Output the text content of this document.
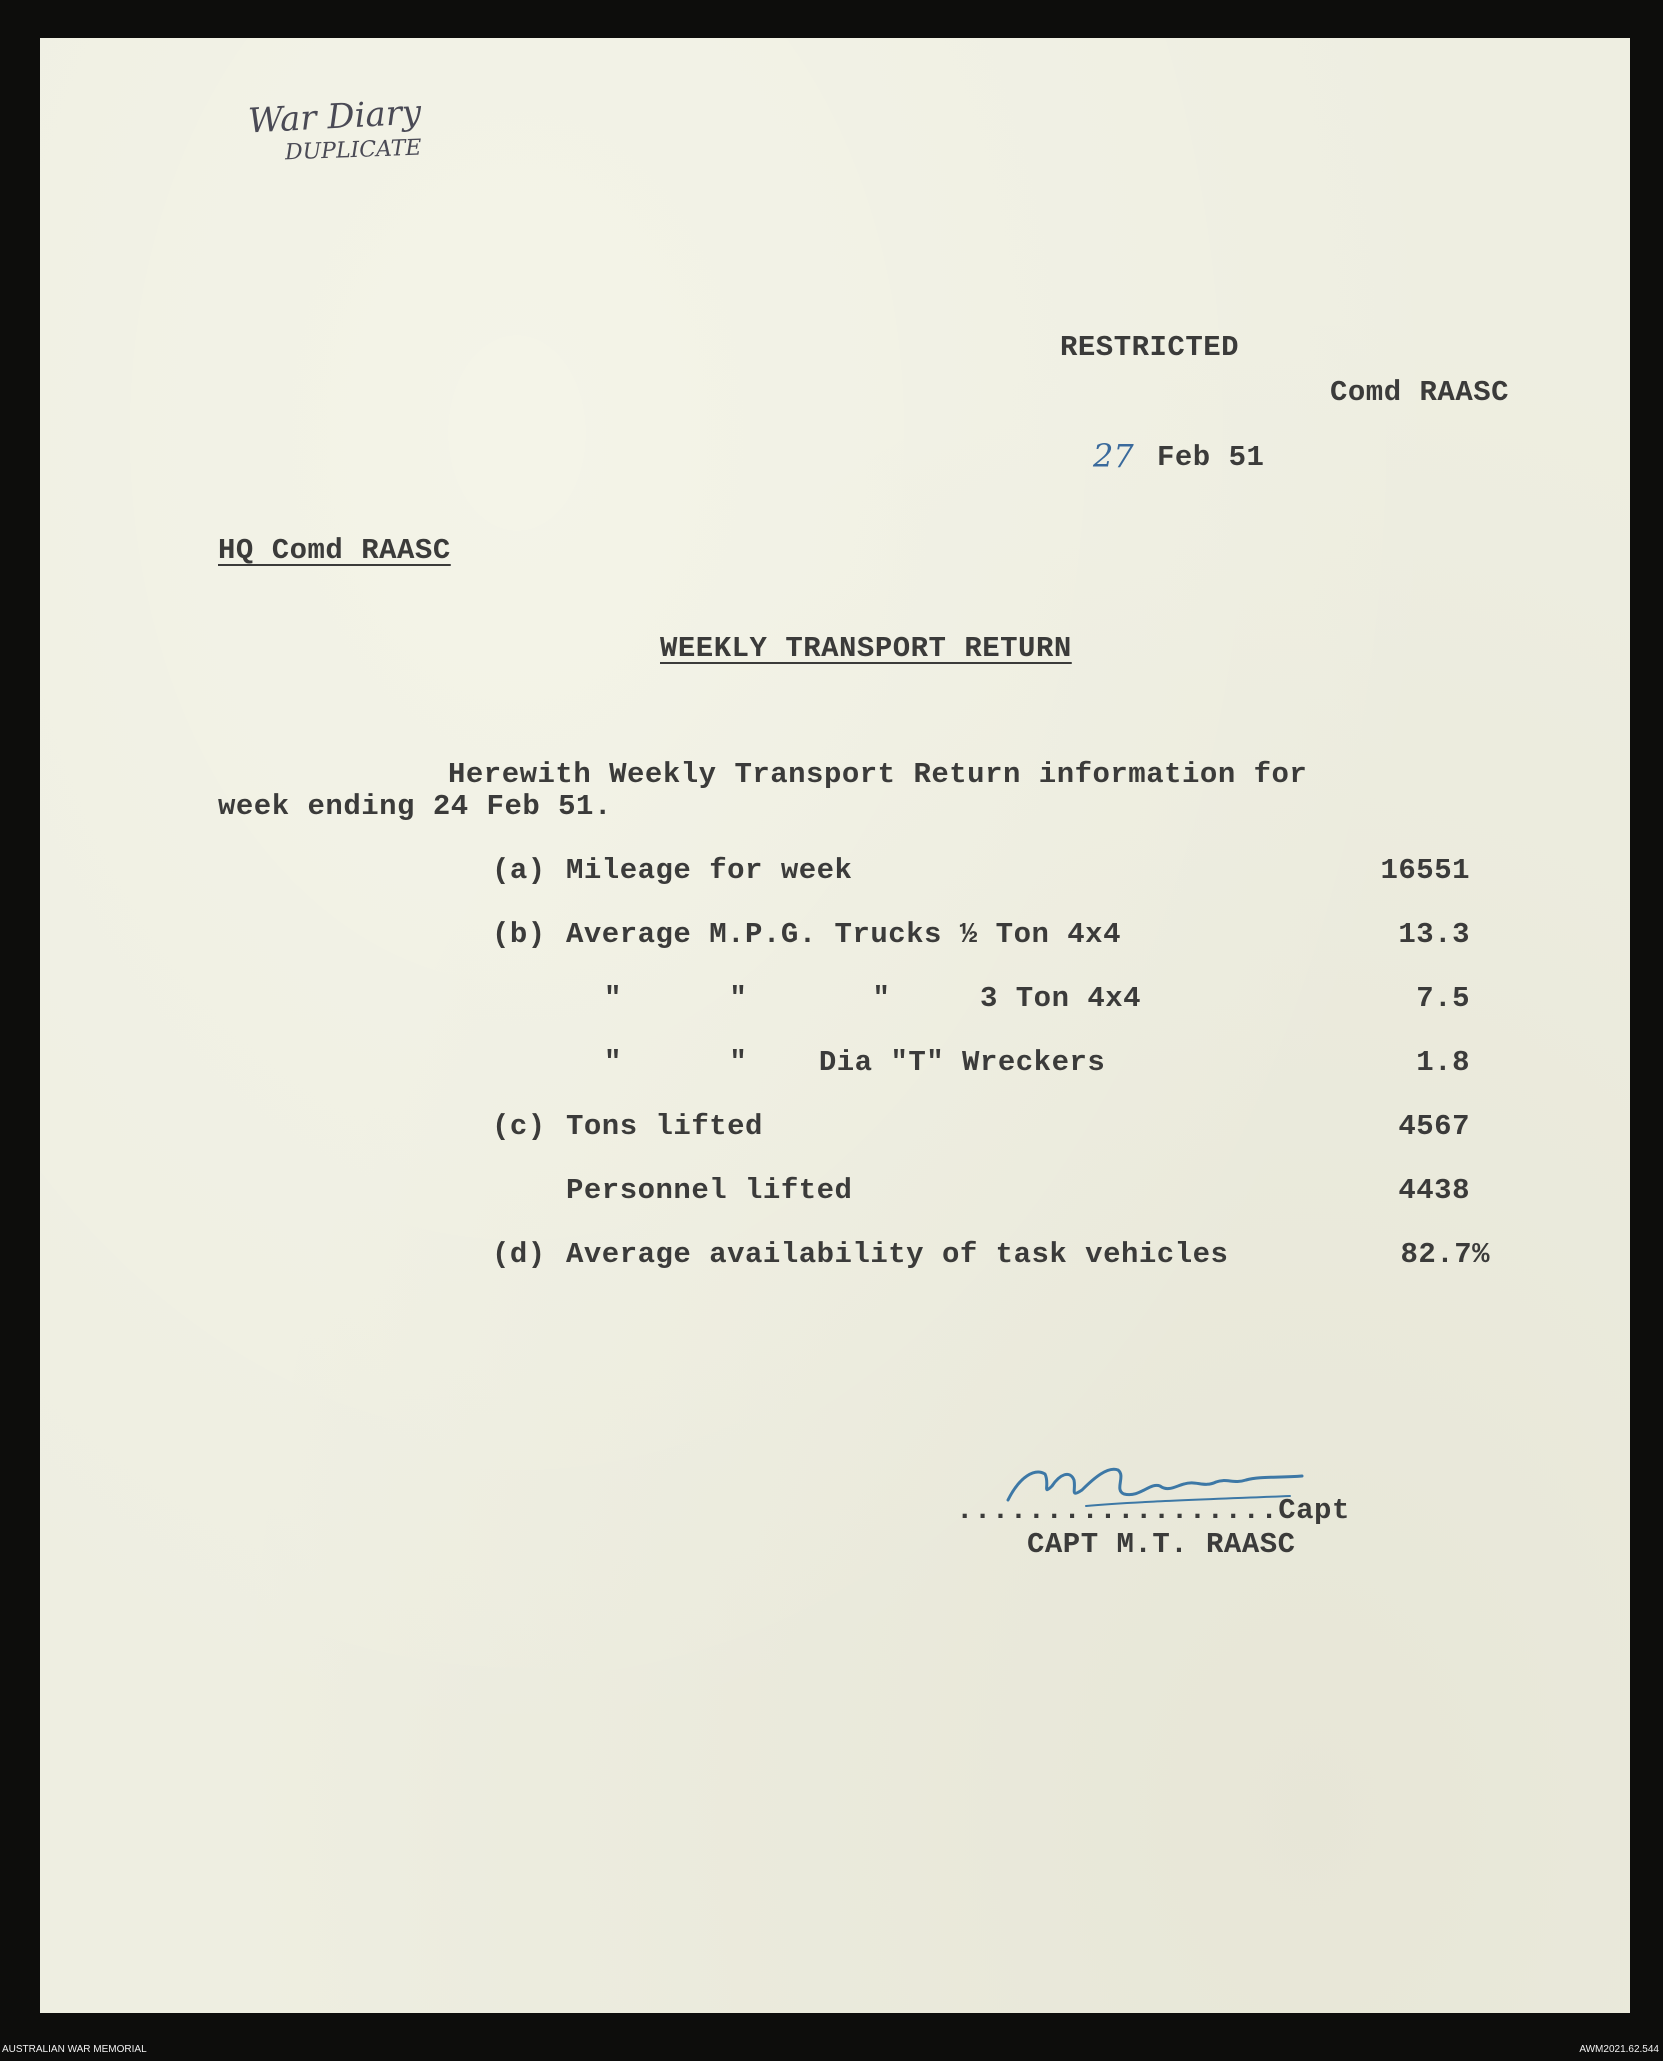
War Diary
DUPLICATE
RESTRICTED
Comd RAASC
27 Feb 51
HQ Comd RAASC
WEEKLY TRANSPORT RETURN
Herewith Weekly Transport Return information for
week ending 24 Feb 51.
(a) Mileage for week	16551
(b) Average M.P.G. Trucks ½ Ton 4x4	13.3
"      "       "     3 Ton 4x4	7.5
"      "    Dia "T" Wreckers	1.8
(c) Tons lifted	4567
Personnel lifted	4438
(d) Average availability of task vehicles	82.7%
..................Capt
CAPT M.T. RAASC
AUSTRALIAN WAR MEMORIAL	AWM2021.62.544
